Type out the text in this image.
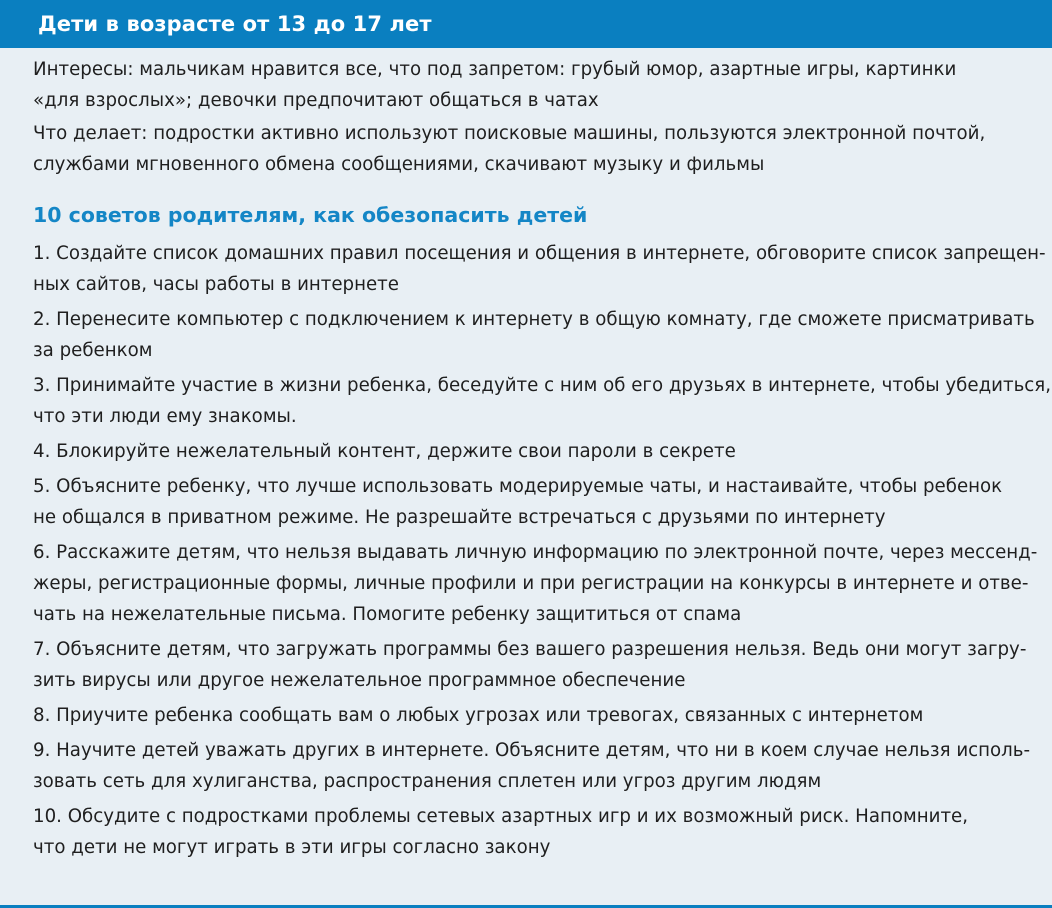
Дети в возрасте от 13 до 17 лет
Интересы: мальчикам нравится все, что под запретом: грубый юмор, азартные игры, картинки
«для взрослых»; девочки предпочитают общаться в чатах
Что делает: подростки активно используют поисковые машины, пользуются электронной почтой,
службами мгновенного обмена сообщениями, скачивают музыку и фильмы
10 советов родителям, как обезопасить детей
1. Создайте список домашних правил посещения и общения в интернете, обговорите список запрещен-
ных сайтов, часы работы в интернете
2. Перенесите компьютер с подключением к интернету в общую комнату, где сможете присматривать
за ребенком
3. Принимайте участие в жизни ребенка, беседуйте с ним об его друзьях в интернете, чтобы убедиться,
что эти люди ему знакомы.
4. Блокируйте нежелательный контент, держите свои пароли в секрете
5. Объясните ребенку, что лучше использовать модерируемые чаты, и настаивайте, чтобы ребенок
не общался в приватном режиме. Не разрешайте встречаться с друзьями по интернету
6. Расскажите детям, что нельзя выдавать личную информацию по электронной почте, через мессенд-
жеры, регистрационные формы, личные профили и при регистрации на конкурсы в интернете и отве-
чать на нежелательные письма. Помогите ребенку защититься от спама
7. Объясните детям, что загружать программы без вашего разрешения нельзя. Ведь они могут загру-
зить вирусы или другое нежелательное программное обеспечение
8. Приучите ребенка сообщать вам о любых угрозах или тревогах, связанных с интернетом
9. Научите детей уважать других в интернете. Объясните детям, что ни в коем случае нельзя исполь-
зовать сеть для хулиганства, распространения сплетен или угроз другим людям
10. Обсудите с подростками проблемы сетевых азартных игр и их возможный риск. Напомните,
что дети не могут играть в эти игры согласно закону
